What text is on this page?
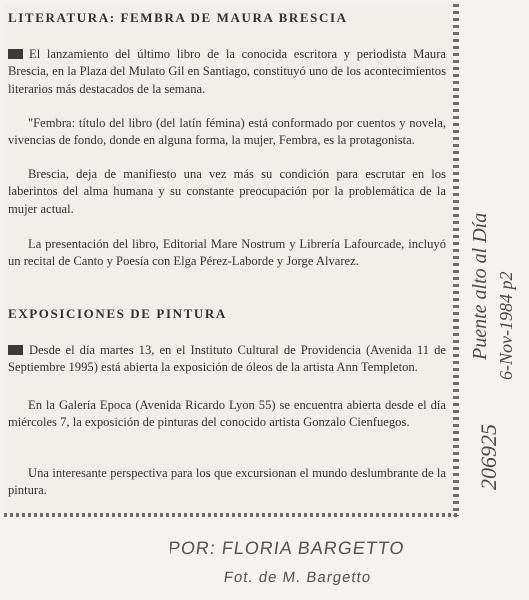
LITERATURA: FEMBRA DE MAURA BRESCIA
El lanzamiento del último libro de la conocida escritora y periodista Maura Brescia, en la Plaza del Mulato Gil en Santiago, constituyó uno de los acontecimientos literarios más destacados de la semana.
"Fembra: título del libro (del latín fémina) está conformado por cuentos y novela, vivencias de fondo, donde en alguna forma, la mujer, Fembra, es la protagonista.
Brescia, deja de manifiesto una vez más su condición para escrutar en los laberintos del alma humana y su constante preocupación por la problemática de la mujer actual.
La presentación del libro, Editorial Mare Nostrum y Librería Lafourcade, incluyó un recital de Canto y Poesía con Elga Pérez-Laborde y Jorge Alvarez.
EXPOSICIONES DE PINTURA
Desde el día martes 13, en el Instituto Cultural de Providencia (Avenida 11 de Septiembre 1995) está abierta la exposición de óleos de la artista Ann Templeton.
En la Galería Epoca (Avenida Ricardo Lyon 55) se encuentra abierta desde el día miércoles 7, la exposición de pinturas del conocido artista Gonzalo Cienfuegos.
Una interesante perspectiva para los que excursionan el mundo deslumbrante de la pintura.
206925
Puente alto al Día 6-Nov-1984 p2
POR: FLORIA BARGETTO
Fot. de M. Bargetto
